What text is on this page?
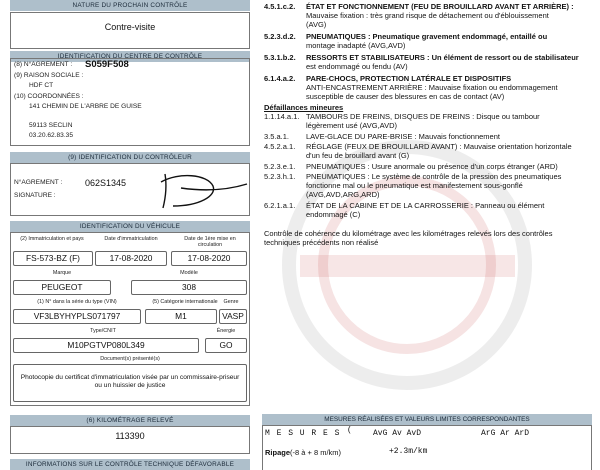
NATURE DU PROCHAIN CONTRÔLE
Contre-visite
IDENTIFICATION DU CENTRE DE CONTRÔLE
(8) N°AGREMENT : S059F508
(9) RAISON SOCIALE :
HDF CT
(10) COORDONNÉES :
141 CHEMIN DE L'ARBRE DE GUISE
59113 SECLIN
03.20.62.83.35
(9) IDENTIFICATION DU CONTRÔLEUR
N°AGREMENT :	062S1345
SIGNATURE :
IDENTIFICATION DU VÉHICULE
(2) Immatriculation et pays	Date d'immatriculation	Date de 1ère mise en circulation
FS-573-BZ (F)	17-08-2020	17-08-2020
Marque	Modèle
PEUGEOT	308
(1) N° dans la série du type (VIN)	(5) Catégorie internationale	Genre
VF3LBYHYPLS071797	M1	VASP
Type/CNIT	Énergie
M10PGTVP080L349	GO
Document(s) présenté(s)
Photocopie du certificat d'immatriculation visée par un commissaire-priseur ou un huissier de justice
(6) KILOMÉTRAGE RELEVÉ
113390
INFORMATIONS SUR LE CONTRÔLE TECHNIQUE DÉFAVORABLE
4.5.1.c.2. ÉTAT ET FONCTIONNEMENT (FEU DE BROUILLARD AVANT ET ARRIÈRE) :
Mauvaise fixation : très grand risque de détachement ou d'éblouissement
(AVG)
5.2.3.d.2. PNEUMATIQUES : Pneumatique gravement endommagé, entaillé ou
montage inadapté (AVG,AVD)
5.3.1.b.2. RESSORTS ET STABILISATEURS : Un élément de ressort ou de stabilisateur
est endommagé ou fendu (AV)
6.1.4.a.2. PARE-CHOCS, PROTECTION LATÉRALE ET DISPOSITIFS
ANTI-ENCASTREMENT ARRIÈRE : Mauvaise fixation ou endommagement
susceptible de causer des blessures en cas de contact (AV)
Défaillances mineures
1.1.14.a.1. TAMBOURS DE FREINS, DISQUES DE FREINS : Disque ou tambour
légèrement usé (AVG,AVD)
3.5.a.1. LAVE-GLACE DU PARE-BRISE : Mauvais fonctionnement
4.5.2.a.1. RÉGLAGE (FEUX DE BROUILLARD AVANT) : Mauvaise orientation horizontale
d'un feu de brouillard avant (G)
5.2.3.e.1. PNEUMATIQUES : Usure anormale ou présence d'un corps étranger (ARD)
5.2.3.h.1. PNEUMATIQUES : Le système de contrôle de la pression des pneumatiques
fonctionne mal ou le pneumatique est manifestement sous-gonflé
(AVG,AVD,ARG,ARD)
6.2.1.a.1. ÉTAT DE LA CABINE ET DE LA CARROSSERIE : Panneau ou élément
endommagé (C)
Contrôle de cohérence du kilométrage avec les kilométrages relevés lors des contrôles
techniques précédents non réalisé
MESURES RÉALISÉES ET VALEURS LIMITES CORRESPONDANTES
M E S U R E S (	AvG Av AvD	ArG Ar ArD
Ripage (-8 à + 8 m/km)	+2.3m/km
